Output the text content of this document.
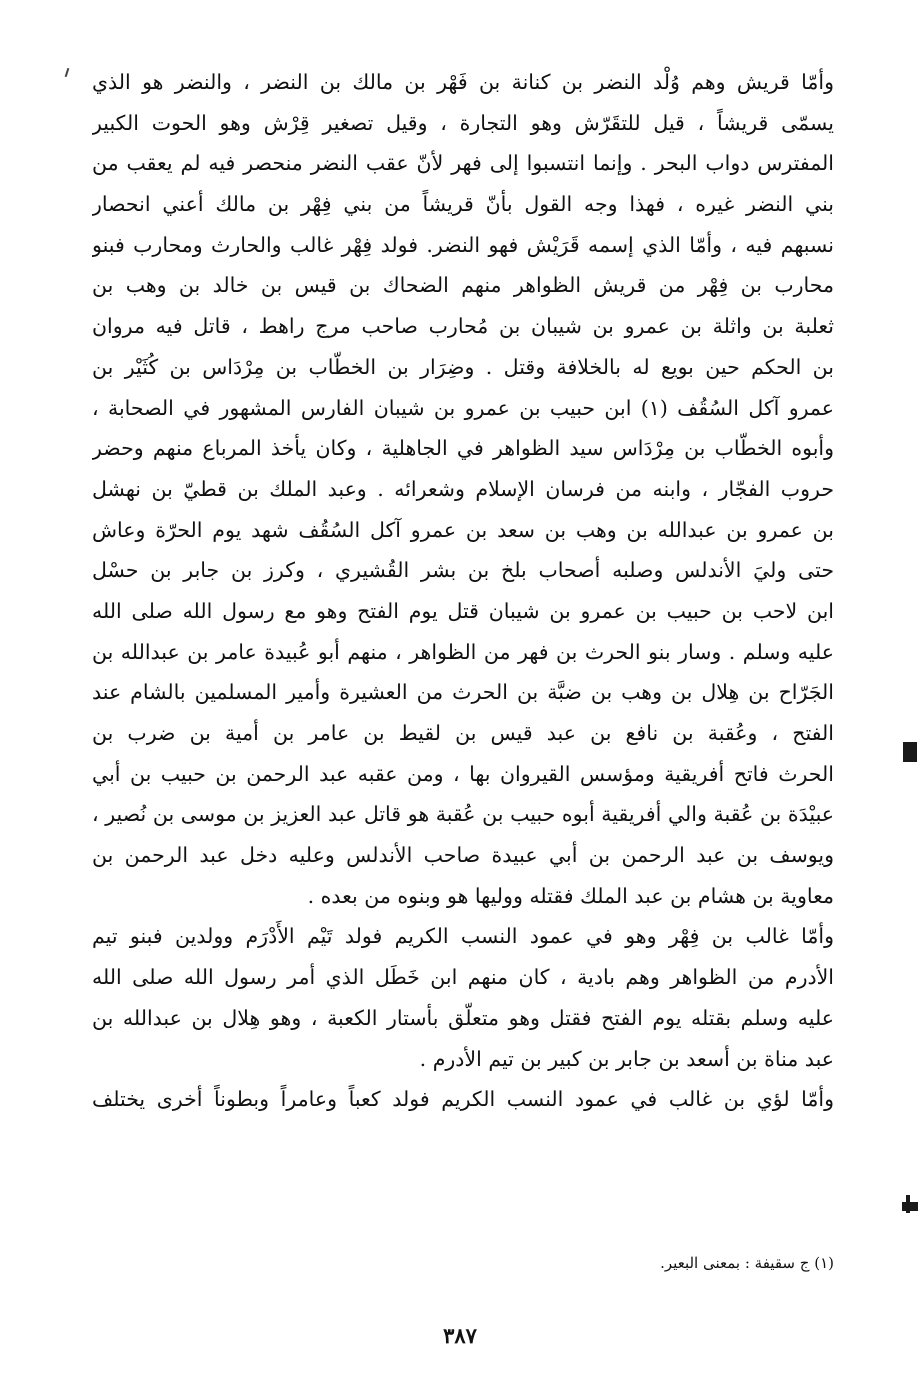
وأمّا قريش وهم وُلْد النضر بن كنانة بن فَهْر بن مالك بن النضر ، والنضر هو الذي
يسمّى قريشاً ، قيل للتقَرّش وهو التجارة ، وقيل تصغير قِرْش وهو الحوت الكبير
المفترس دواب البحر . وإنما انتسبوا إلى فهر لأنّ عقب النضر منحصر فيه لم يعقب من
بني النضر غيره ، فهذا وجه القول بأنّ قريشاً من بني فِهْر بن مالك أعني انحصار
نسبهم فيه ، وأمّا الذي إسمه قَرَيْش فهو النضر. فولد فِهْر غالب والحارث ومحارب فبنو
محارب بن فِهْر من قريش الظواهر منهم الضحاك بن قيس بن خالد بن وهب بن
ثعلبة بن واثلة بن عمرو بن شيبان بن مُحارب صاحب مرج راهط ، قاتل فيه مروان
بن الحكم حين بويع له بالخلافة وقتل . وضِرَار بن الخطّاب بن مِرْدَاس بن كُثَيْر بن
عمرو آكل السُقُف (١) ابن حبيب بن عمرو بن شيبان الفارس المشهور في الصحابة ،
وأبوه الخطّاب بن مِرْدَاس سيد الظواهر في الجاهلية ، وكان يأخذ المرباع منهم وحضر
حروب الفجّار ، وابنه من فرسان الإسلام وشعرائه . وعبد الملك بن قطيّ بن نهشل
بن عمرو بن عبدالله بن وهب بن سعد بن عمرو آكل السُقُف شهد يوم الحرّة وعاش
حتى وليَ الأندلس وصلبه أصحاب بلخ بن بشر القُشيري ، وكرز بن جابر بن حسْل
ابن لاحب بن حبيب بن عمرو بن شيبان قتل يوم الفتح وهو مع رسول الله صلى الله
عليه وسلم . وسار بنو الحرث بن فهر من الظواهر ، منهم أبو عُبيدة عامر بن عبدالله بن
الجَرّاح بن هِلال بن وهب بن ضبَّة بن الحرث من العشيرة وأمير المسلمين بالشام عند
الفتح ، وعُقبة بن نافع بن عبد قيس بن لقيط بن عامر بن أمية بن ضرب بن
الحرث فاتح أفريقية ومؤسس القيروان بها ، ومن عقبه عبد الرحمن بن حبيب بن أبي
عبيْدَة بن عُقبة والي أفريقية أبوه حبيب بن عُقبة هو قاتل عبد العزيز بن موسى بن نُصير ،
ويوسف بن عبد الرحمن بن أبي عبيدة صاحب الأندلس وعليه دخل عبد الرحمن بن
معاوية بن هشام بن عبد الملك فقتله ووليها هو وبنوه من بعده .
وأمّا غالب بن فِهْر وهو في عمود النسب الكريم فولد تَيْم الأَدْرَم وولدين فبنو تيم
الأدرم من الظواهر وهم بادية ، كان منهم ابن خَطَل الذي أمر رسول الله صلى الله
عليه وسلم بقتله يوم الفتح فقتل وهو متعلّق بأستار الكعبة ، وهو هِلال بن عبدالله بن
عبد مناة بن أسعد بن جابر بن كبير بن تيم الأدرم .
وأمّا لؤي بن غالب في عمود النسب الكريم فولد كعباً وعامراً وبطوناً أخرى يختلف
(١) ج سقيفة : بمعنى البعير.
٣٨٧
